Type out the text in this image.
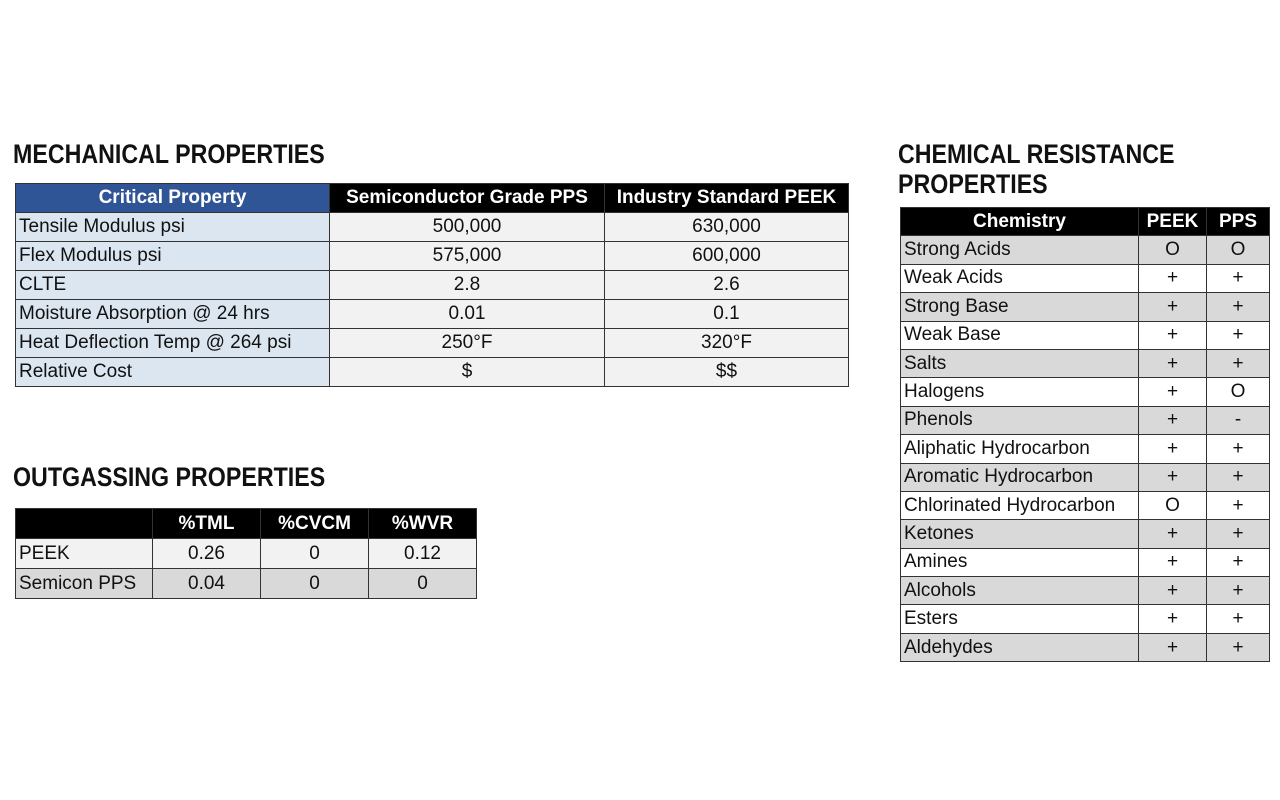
MECHANICAL PROPERTIES
Critical Property	Semiconductor Grade PPS	Industry Standard PEEK
Tensile Modulus psi	500,000	630,000
Flex Modulus psi	575,000	600,000
CLTE	2.8	2.6
Moisture Absorption @ 24 hrs	0.01	0.1
Heat Deflection Temp @ 264 psi	250°F	320°F
Relative Cost	$	$$
OUTGASSING PROPERTIES
	%TML	%CVCM	%WVR
PEEK	0.26	0	0.12
Semicon PPS	0.04	0	0
CHEMICAL RESISTANCE
PROPERTIES
Chemistry	PEEK	PPS
Strong Acids	O	O
Weak Acids	+	+
Strong Base	+	+
Weak Base	+	+
Salts	+	+
Halogens	+	O
Phenols	+	-
Aliphatic Hydrocarbon	+	+
Aromatic Hydrocarbon	+	+
Chlorinated Hydrocarbon	O	+
Ketones	+	+
Amines	+	+
Alcohols	+	+
Esters	+	+
Aldehydes	+	+
